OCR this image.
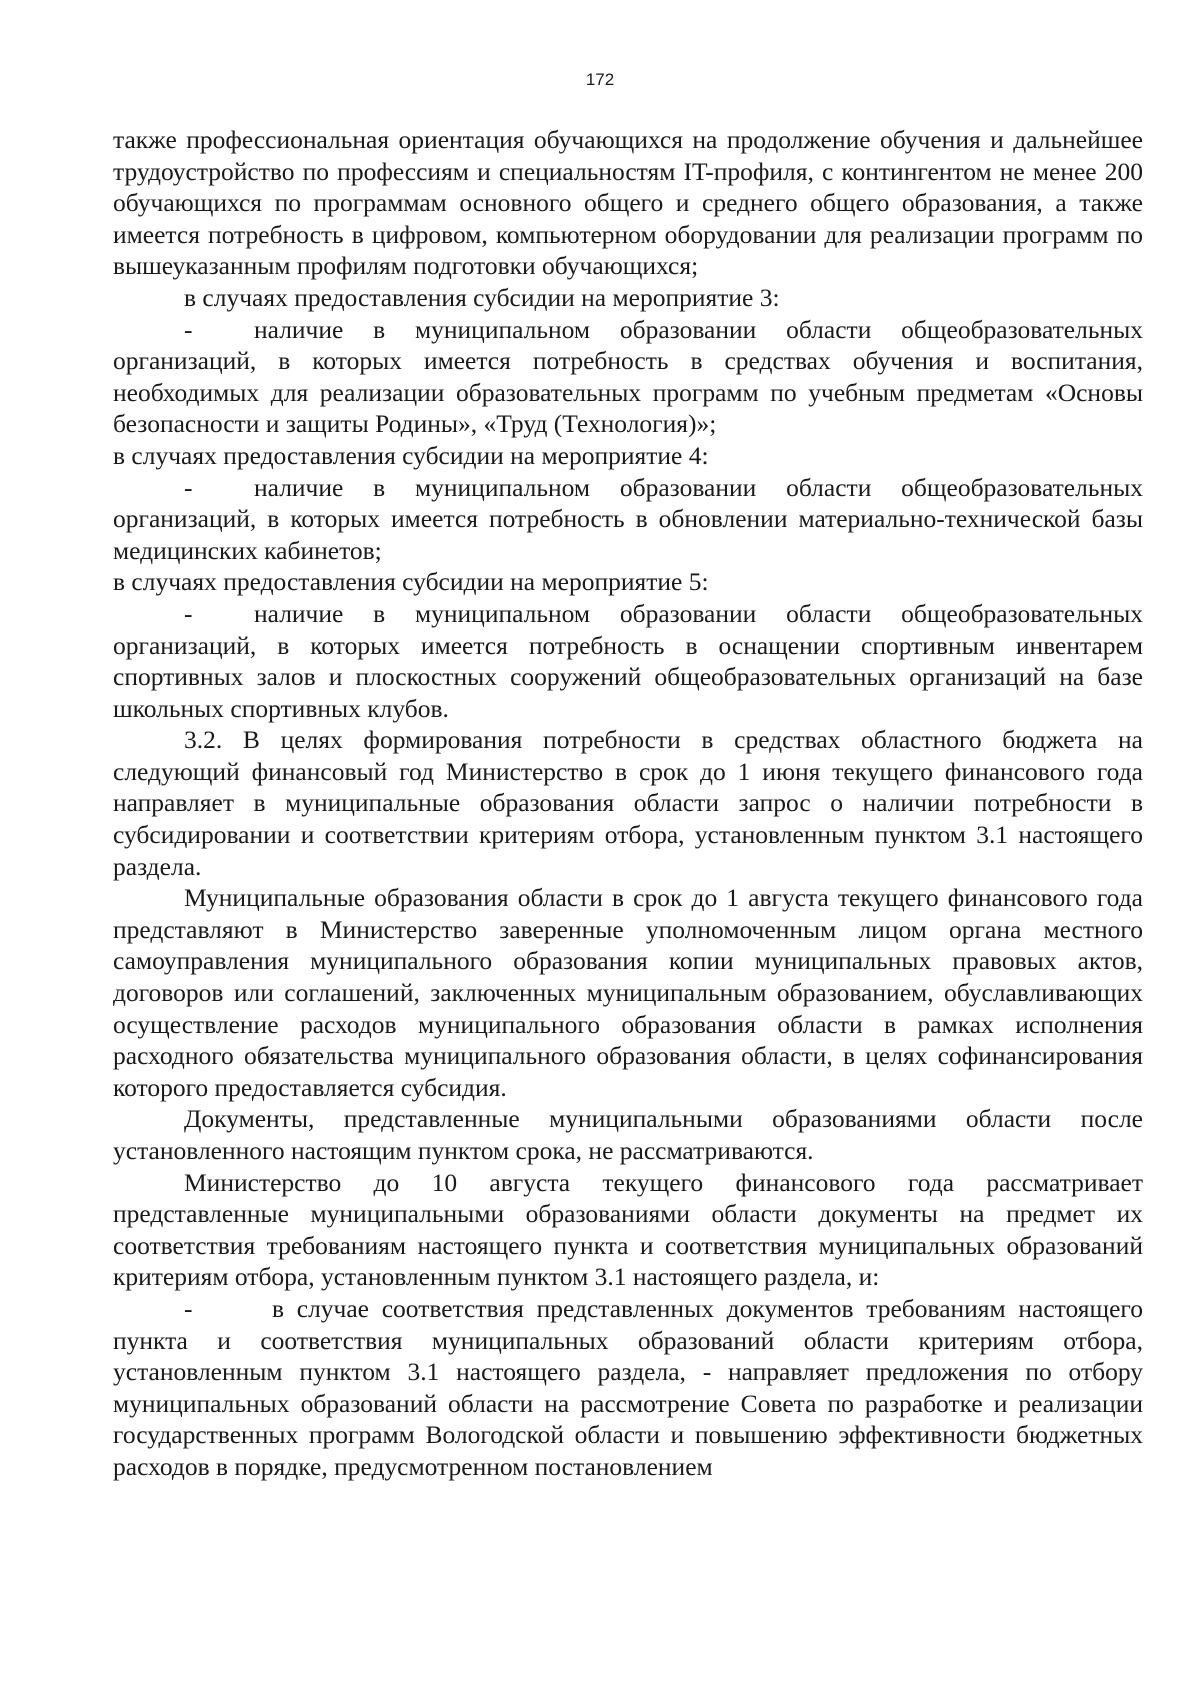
172

также профессиональная ориентация обучающихся на продолжение обучения и дальнейшее трудоустройство по профессиям и специальностям IT-профиля, с контингентом не менее 200 обучающихся по программам основного общего и среднего общего образования, а также имеется потребность в цифровом, компьютерном оборудовании для реализации программ по вышеуказанным профилям подготовки обучающихся;

в случаях предоставления субсидии на мероприятие 3:

- наличие в муниципальном образовании области общеобразовательных организаций, в которых имеется потребность в средствах обучения и воспитания, необходимых для реализации образовательных программ по учебным предметам «Основы безопасности и защиты Родины», «Труд (Технология)»;

в случаях предоставления субсидии на мероприятие 4:

- наличие в муниципальном образовании области общеобразовательных организаций, в которых имеется потребность в обновлении материально-технической базы медицинских кабинетов;

в случаях предоставления субсидии на мероприятие 5:

- наличие в муниципальном образовании области общеобразовательных организаций, в которых имеется потребность в оснащении спортивным инвентарем спортивных залов и плоскостных сооружений общеобразовательных организаций на базе школьных спортивных клубов.

3.2. В целях формирования потребности в средствах областного бюджета на следующий финансовый год Министерство в срок до 1 июня текущего финансового года направляет в муниципальные образования области запрос о наличии потребности в субсидировании и соответствии критериям отбора, установленным пунктом 3.1 настоящего раздела.

Муниципальные образования области в срок до 1 августа текущего финансового года представляют в Министерство заверенные уполномоченным лицом органа местного самоуправления муниципального образования копии муниципальных правовых актов, договоров или соглашений, заключенных муниципальным образованием, обуславливающих осуществление расходов муниципального образования области в рамках исполнения расходного обязательства муниципального образования области, в целях софинансирования которого предоставляется субсидия.

Документы, представленные муниципальными образованиями области после установленного настоящим пунктом срока, не рассматриваются.

Министерство до 10 августа текущего финансового года рассматривает представленные муниципальными образованиями области документы на предмет их соответствия требованиям настоящего пункта и соответствия муниципальных образований критериям отбора, установленным пунктом 3.1 настоящего раздела, и:

-	в случае соответствия представленных документов требованиям настоящего пункта и соответствия муниципальных образований области критериям отбора, установленным пунктом 3.1 настоящего раздела, - направляет предложения по отбору муниципальных образований области на рассмотрение Совета по разработке и реализации государственных программ Вологодской области и повышению эффективности бюджетных расходов в порядке, предусмотренном постановлением
